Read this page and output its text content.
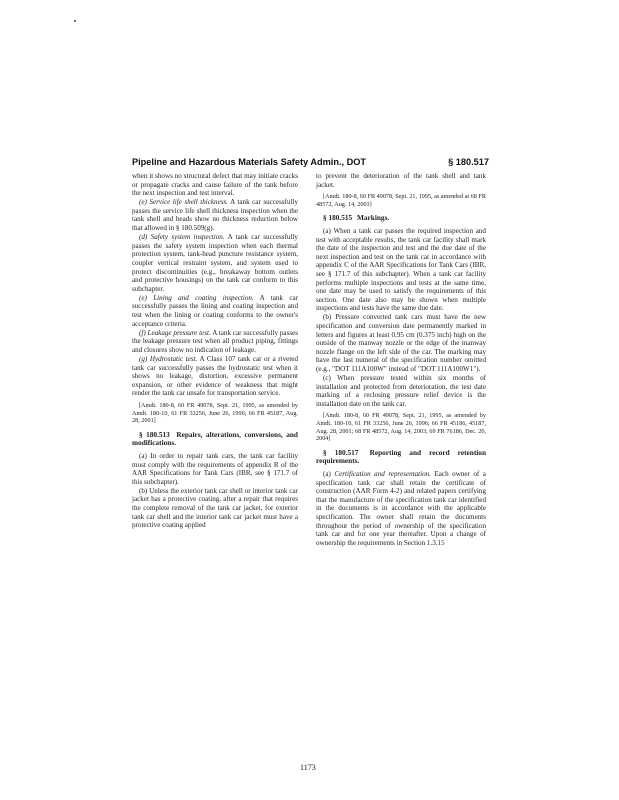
Pipeline and Hazardous Materials Safety Admin., DOT	§ 180.517

when it shows no structural defect that may initiate cracks or propagate cracks and cause failure of the tank before the next inspection and test interval.

(e) Service life shell thickness. A tank car successfully passes the service life shell thickness inspection when the tank shell and heads show no thickness reduction below that allowed in § 180.509(g).

(d) Safety system inspection. A tank car successfully passes the safety system inspection when each thermal protection system, tank-head puncture resistance system, coupler vertical restraint system, and system used to protect discontinuities (e.g., breakaway bottom outlets and protective housings) on the tank car conform to this subchapter.

(e) Lining and coating inspection. A tank car successfully passes the lining and coating inspection and test when the lining or coating conforms to the owner's acceptance criteria.

(f) Leakage pressure test. A tank car successfully passes the leakage pressure test when all product piping, fittings and closures show no indication of leakage.

(g) Hydrostatic test. A Class 107 tank car or a riveted tank car successfully passes the hydrostatic test when it shows no leakage, distortion, excessive permanent expansion, or other evidence of weakness that might render the tank car unsafe for transportation service.

[Amdt. 180-8, 60 FR 49078, Sept. 21, 1995, as amended by Amdt. 180-10, 61 FR 33256, June 26, 1996; 66 FR 45187, Aug. 28, 2001]

§ 180.513 Repairs, alterations, conversions, and modifications.

(a) In order to repair tank cars, the tank car facility must comply with the requirements of appendix R of the AAR Specifications for Tank Cars (IBR, see § 171.7 of this subchapter).

(b) Unless the exterior tank car shell or interior tank car jacket has a protective coating, after a repair that requires the complete removal of the tank car jacket, for exterior tank car shell and the interior tank car jacket must have a protective coating applied

to prevent the deterioration of the tank shell and tank jacket.

[Amdt. 180-8, 60 FR 49078, Sept. 21, 1995, as amended at 68 FR 48572, Aug. 14, 2003]

§ 180.515 Markings.

(a) When a tank car passes the required inspection and test with acceptable results, the tank car facility shall mark the date of the inspection and test and the due date of the next inspection and test on the tank car in accordance with appendix C of the AAR Specifications for Tank Cars (IBR, see § 171.7 of this subchapter). When a tank car facility performs multiple inspections and tests at the same time, one date may be used to satisfy the requirements of this section. One date also may be shown when multiple inspections and tests have the same due date.

(b) Pressure converted tank cars must have the new specification and conversion date permanently marked in letters and figures at least 0.95 cm (0.375 inch) high on the outside of the manway nozzle or the edge of the manway nozzle flange on the left side of the car. The marking may have the last numeral of the specification number omitted (e.g., "DOT 111A100W" instead of "DOT 111A100W1").

(c) When pressure tested within six months of installation and protected from deterioration, the test date marking of a reclosing pressure relief device is the installation date on the tank car.

[Amdt. 180-8, 60 FR 49078, Sept. 21, 1995, as amended by Amdt. 180-10, 61 FR 33256, June 26, 1996; 66 FR 45186, 45187, Aug. 28, 2001; 68 FR 48572, Aug. 14, 2003; 69 FR 76186, Dec. 20, 2004]

§ 180.517 Reporting and record retention requirements.

(a) Certification and representation. Each owner of a specification tank car shall retain the certificate of construction (AAR Form 4-2) and related papers certifying that the manufacture of the specification tank car identified in the documents is in accordance with the applicable specification. The owner shall retain the documents throughout the period of ownership of the specification tank car and for one year thereafter. Upon a change of ownership the requirements in Section 1.3.15

1173
